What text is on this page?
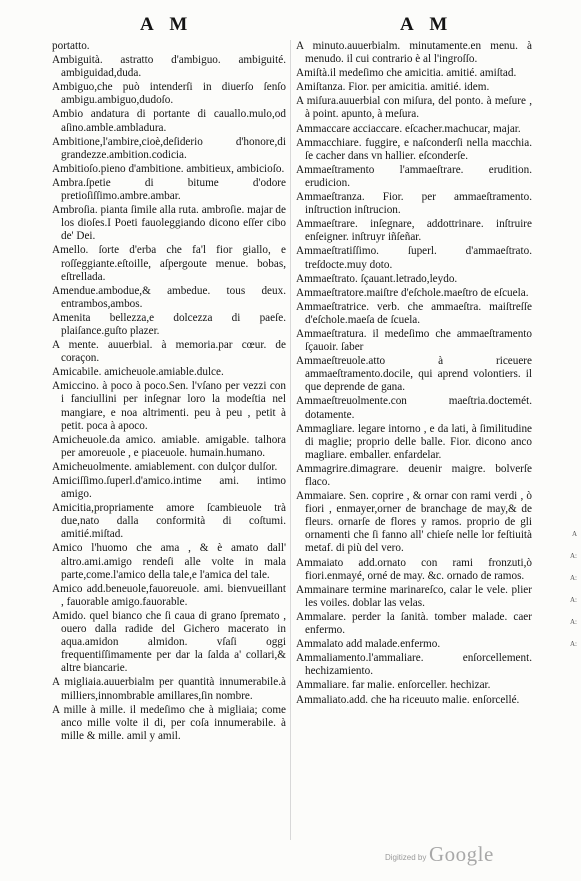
A M	A M

portatto.

Ambiguità. astratto d'ambiguo. ambiguité. ambiguidad,duda.

Ambiguo,che può intenderſi in diuerſo ſenſo ambigu.ambiguo,dudoſo.

Ambio andatura di portante di cauallo.mulo,od aſino.amble.ambladura.

Ambitione,l'ambire,cioè,deſiderio d'honore,di grandezze.ambition.codicia.

Ambitioſo.pieno d'ambitione. ambitieux, ambicioſo.

Ambra.ſpetie di bitume d'odore pretioſiſſimo.ambre.ambar.

Ambroſia. pianta ſimile alla ruta. ambroſie. majar de los dioſes.I Poeti fauoleggiando dicono eſſer cibo de' Dei.

Amello. ſorte d'erba che fa'l fior giallo, e roſſeggiante.eſtoille, aſpergoute menue. bobas, eſtrellada.

Amendue.ambodue,& ambedue. tous deux. entrambos,ambos.

Amenita bellezza,e dolcezza di paeſe. plaiſance.guſto plazer.

A mente. auuerbial. à memoria.par cœur. de coraçon.

Amicabile. amicheuole.amiable.dulce.

Amiccino. à poco à poco.Sen. l'vſano per vezzi con i fanciullini per inſegnar loro la modeſtia nel mangiare, e noa altrimenti. peu à peu , petit à petit. poca à apoco.

Amicheuole.da amico. amiable. amigable. talhora per amoreuole , e piaceuole. humain.humano.

Amicheuolmente. amiablement. con dulçor dulſor.

Amiciſſimo.ſuperl.d'amico.intime ami. intimo amigo.

Amicitia,propriamente amore ſcambieuole trà due,nato dalla conformità di coſtumi. amitié.miſtad.

Amico l'huomo che ama , & è amato dall' altro.ami.amigo rendeſi alle volte in mala parte,come.l'amico della tale,e l'amica del tale.

Amico add.beneuole,fauoreuole. ami. bienvueillant , fauorable amigo.fauorable.

Amido. quel bianco che ſi caua di grano ſpremato , ouero dalla radide del Gichero macerato in aqua.amidon almidon. vſaſi oggi frequentiſſimamente per dar la ſalda a' collari,& altre biancarie.

A migliaia.auuerbialm per quantità innumerabile.à milliers,innombrable amillares,ſin nombre.

A mille à mille. il medeſimo che à migliaia; come anco mille volte il di, per coſa innumerabile. à mille & mille. amil y amil.

A minuto.auuerbialm. minutamente.en menu. à menudo. il cui contrario è al l'ingroſſo.

Amiſtà.il medeſimo che amicitia. amitié. amiſtad.

Amiſtanza. Fior. per amicitia. amitié. idem.

A miſura.auuerbial con miſura, del ponto. à meſure , à point. apunto, à meſura.

Ammaccare acciaccare. eſcacher.machucar, majar.

Ammacchiare. fuggire, e naſconderſi nella macchia. ſe cacher dans vn hallier. eſconderſe.

Ammaeſtramento l'ammaeſtrare. erudition. erudicion.

Ammaeſtranza. Fior. per ammaeſtramento. inſtruction inſtrucion.

Ammaeſtrare. inſegnare, addottrinare. inſtruire enſeigner. inſtruyr iñſeñar.

Ammaeſtratiſſimo. ſuperl. d'ammaeſtrato. treſdocte.muy doto.

Ammaeſtrato. ſçauant.letrado,leydo.

Ammaeſtratore.maiſtre d'eſchole.maeſtro de eſcuela.

Ammaeſtratrice. verb. che ammaeſtra. maiſtreſſe d'eſchole.maeſa de ſcuela.

Ammaeſtratura. il medeſimo che ammaeſtramento ſçauoir. ſaber

Ammaeſtreuole.atto à riceuere ammaeſtramento.docile, qui aprend volontiers. il que deprende de gana.

Ammaeſtreuolmente.con maeſtria.doctemét. dotamente.

Ammagliare. legare intorno , e da lati, à ſimilitudine di maglie; proprio delle balle. Fior. dicono anco magliare. emballer. enfardelar.

Ammagrire.dimagrare. deuenir maigre. bolverſe flaco.

Ammaiare. Sen. coprire , & ornar con rami verdi , ò fiori , enmayer,orner de branchage de may,& de fleurs. ornarſe de flores y ramos. proprio de gli ornamenti che ſi fanno all' chieſe nelle lor feſtiuità metaf. di più del vero.

Ammaiato add.ornato con rami fronzuti,ò fiori.enmayé, orné de may. &c. ornado de ramos.

Ammainare termine marinareſco, calar le vele. plier les voiles. doblar las velas.

Ammalare. perder la ſanità. tomber malade. caer enfermo.

Ammalato add malade.enfermo.

Ammaliamento.l'ammaliare. enſorcellement. hechizamiento.

Ammaliare. far malie. enſorceller. hechizar.

Ammaliato.add. che ha riceuuto malie. enſorcellé.

A
A:
A:
A:
A:
A:
Digitized by Google
